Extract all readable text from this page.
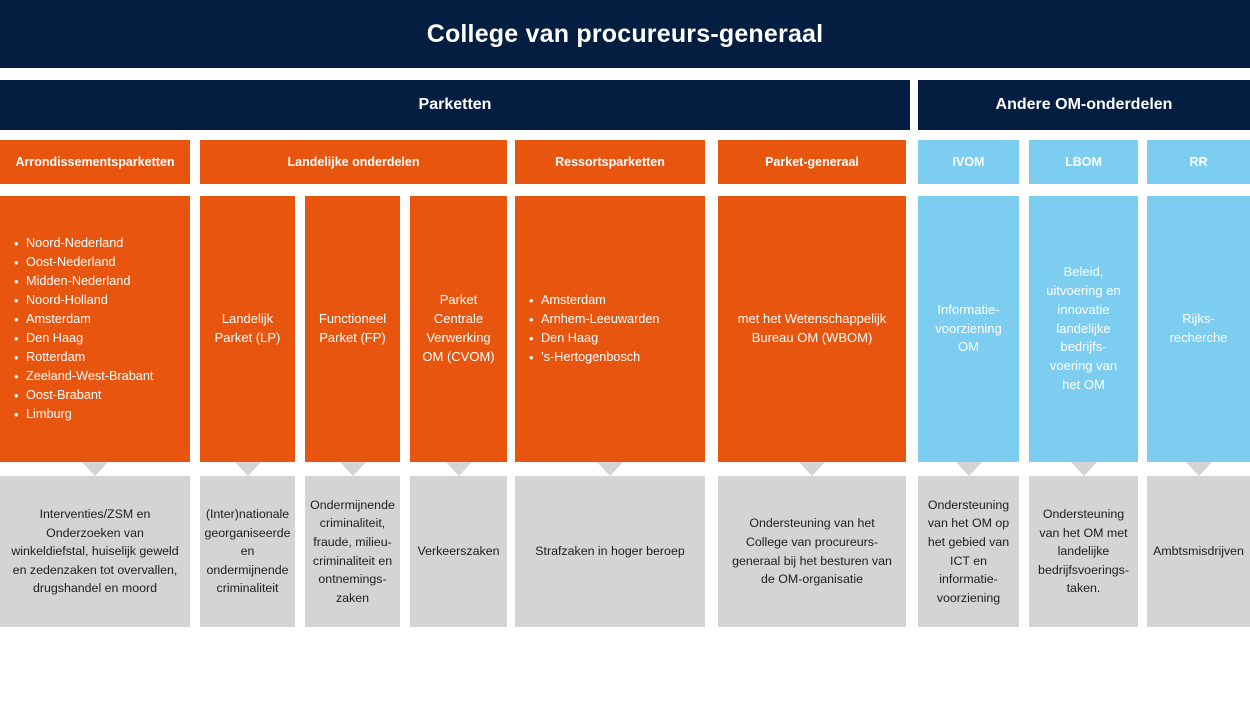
College van procureurs-generaal
Parketten	Andere OM-onderdelen
Arrondissementsparketten	Landelijke onderdelen	Ressortsparketten	Parket-generaal	IVOM	LBOM	RR
• Noord-Nederland
• Oost-Nederland
• Midden-Nederland
• Noord-Holland
• Amsterdam
• Den Haag
• Rotterdam
• Zeeland-West-Brabant
• Oost-Brabant
• Limburg
Landelijk Parket (LP)
Functioneel Parket (FP)
Parket Centrale Verwerking OM (CVOM)
• Amsterdam
• Arnhem-Leeuwarden
• Den Haag
• ’s-Hertogenbosch
met het Wetenschappelijk Bureau OM (WBOM)
Informatie-voorziening OM
Beleid, uitvoering en innovatie landelijke bedrijfs-voering van het OM
Rijks-recherche
Interventies/ZSM en Onderzoeken van winkeldiefstal, huiselijk geweld en zedenzaken tot overvallen, drugshandel en moord
(Inter)nationale georganiseerde en ondermijnende criminaliteit
Ondermijnende criminaliteit, fraude, milieu-criminaliteit en ontnemings-zaken
Verkeerszaken	Strafzaken in hoger beroep
Ondersteuning van het College van procureurs-generaal bij het besturen van de OM-organisatie
Ondersteuning van het OM op het gebied van ICT en informatie-voorziening
Ondersteuning van het OM met landelijke bedrijfsvoerings-taken.
Ambtsmisdrijven
